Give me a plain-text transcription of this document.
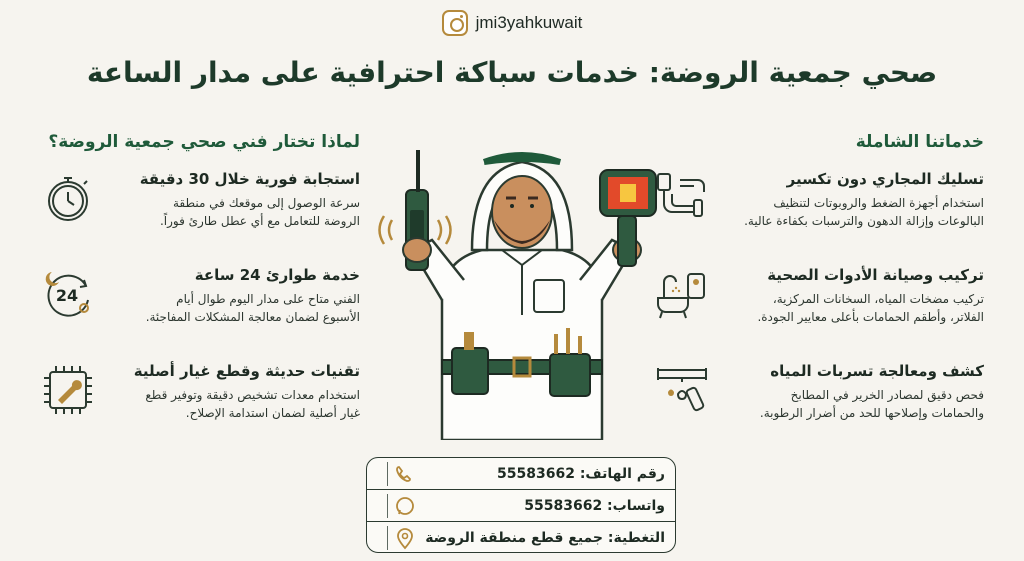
jmi3yahkuwait
صحي جمعية الروضة: خدمات سباكة احترافية على مدار الساعة
خدماتنا الشاملة
تسليك المجاري دون تكسير
استخدام أجهزة الضغط والروبوتات لتنظيف
البالوعات وإزالة الدهون والترسبات بكفاءة عالية.
تركيب وصيانة الأدوات الصحية
تركيب مضخات المياه، السخانات المركزية،
الفلاتر، وأطقم الحمامات بأعلى معايير الجودة.
كشف ومعالجة تسربات المياه
فحص دقيق لمصادر الخرير في المطابخ
والحمامات وإصلاحها للحد من أضرار الرطوبة.
لماذا تختار فني صحي جمعية الروضة؟
استجابة فورية خلال 30 دقيقة
سرعة الوصول إلى موقعك في منطقة
الروضة للتعامل مع أي عطل طارئ فوراً.
خدمة طوارئ 24 ساعة
الفني متاح على مدار اليوم طوال أيام
الأسبوع لضمان معالجة المشكلات المفاجئة.
24
تقنيات حديثة وقطع غيار أصلية
استخدام معدات تشخيص دقيقة وتوفير قطع
غيار أصلية لضمان استدامة الإصلاح.
رقم الهاتف: 55583662
واتساب: 55583662
التغطية: جميع قطع منطقة الروضة
